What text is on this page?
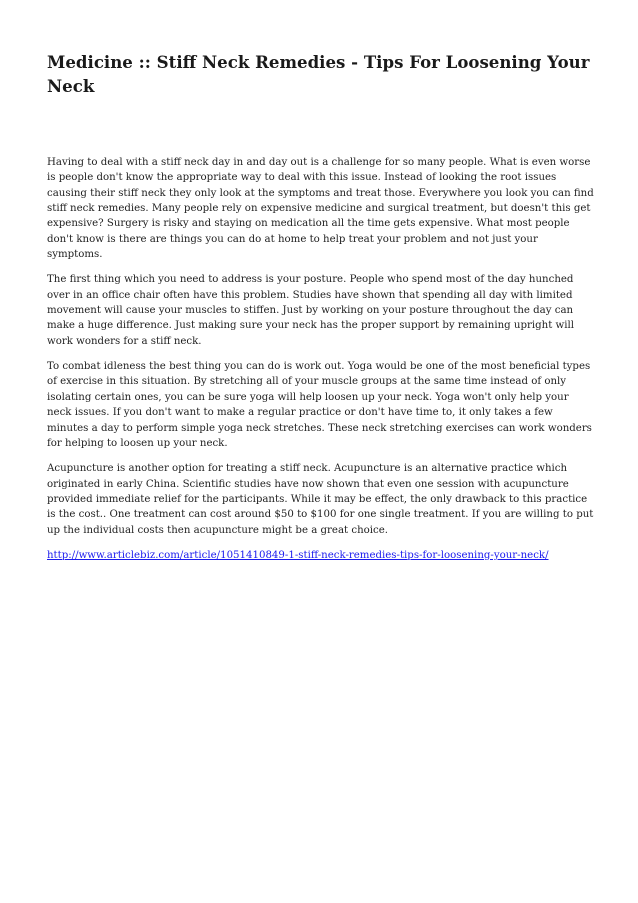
Medicine :: Stiff Neck Remedies - Tips For Loosening Your Neck

Having to deal with a stiff neck day in and day out is a challenge for so many people. What is even worse is people don't know the appropriate way to deal with this issue. Instead of looking the root issues causing their stiff neck they only look at the symptoms and treat those. Everywhere you look you can find stiff neck remedies. Many people rely on expensive medicine and surgical treatment, but doesn't this get expensive? Surgery is risky and staying on medication all the time gets expensive. What most people don't know is there are things you can do at home to help treat your problem and not just your symptoms.

The first thing which you need to address is your posture. People who spend most of the day hunched over in an office chair often have this problem. Studies have shown that spending all day with limited movement will cause your muscles to stiffen. Just by working on your posture throughout the day can make a huge difference. Just making sure your neck has the proper support by remaining upright will work wonders for a stiff neck.

To combat idleness the best thing you can do is work out. Yoga would be one of the most beneficial types of exercise in this situation. By stretching all of your muscle groups at the same time instead of only isolating certain ones, you can be sure yoga will help loosen up your neck. Yoga won't only help your neck issues. If you don't want to make a regular practice or don't have time to, it only takes a few minutes a day to perform simple yoga neck stretches. These neck stretching exercises can work wonders for helping to loosen up your neck.

Acupuncture is another option for treating a stiff neck. Acupuncture is an alternative practice which originated in early China. Scientific studies have now shown that even one session with acupuncture provided immediate relief for the participants. While it may be effect, the only drawback to this practice is the cost.. One treatment can cost around $50 to $100 for one single treatment. If you are willing to put up the individual costs then acupuncture might be a great choice.

http://www.articlebiz.com/article/1051410849-1-stiff-neck-remedies-tips-for-loosening-your-neck/
